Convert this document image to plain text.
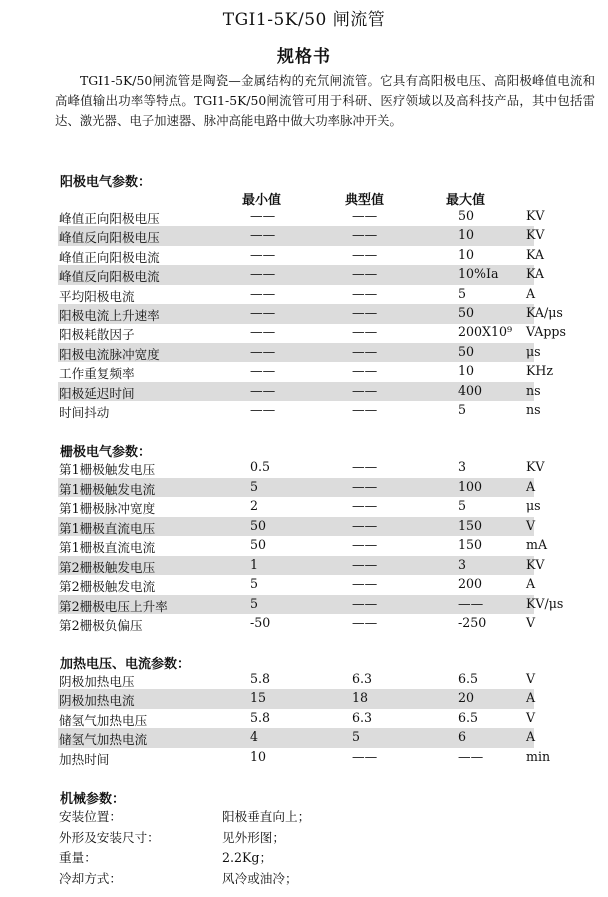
TGI1-5K/50 闸流管
规格书

TGI1-5K/50闸流管是陶瓷—金属结构的充氘闸流管。它具有高阳极电压、高阳极峰值电流和高峰值输出功率等特点。TGI1-5K/50闸流管可用于科研、医疗领域以及高科技产品，其中包括雷达、激光器、电子加速器、脉冲高能电路中做大功率脉冲开关。

阳极电气参数：
最小值	典型值	最大值
峰值正向阳极电压	——	——	50	KV
峰值反向阳极电压	——	——	10	KV
峰值正向阳极电流	——	——	10	KA
峰值反向阳极电流	——	——	10%Ia KA
平均阳极电流	——	——	5	A
阳极电流上升速率	——	——	50	KA/μs
阳极耗散因子	——	——	200X10⁹ VApps
阳极电流脉冲宽度	——	——	50	μs
工作重复频率	——	——	10	KHz
阳极延迟时间	——	——	400	ns
时间抖动	——	——	5	ns
栅极电气参数：
第1栅极触发电压	0.5	——	3	KV
第1栅极触发电流	5	——	100	A
第1栅极脉冲宽度	2	——	5	μs
第1栅极直流电压	50	——	150	V
第1栅极直流电流	50	——	150	mA
第2栅极触发电压	1	——	3	KV
第2栅极触发电流	5	——	200	A
第2栅极电压上升率	5	——	——	KV/μs
第2栅极负偏压	-50	——	-250	V
加热电压、电流参数：
阴极加热电压	5.8	6.3	6.5	V
阴极加热电流	15	18	20	A
储氢气加热电压	5.8	6.3	6.5	V
储氢气加热电流	4	5	6	A
加热时间	10	——	——	min
机械参数：
安装位置：	阳极垂直向上；
外形及安装尺寸：	见外形图；
重量：	2.2Kg；
冷却方式：	风冷或油冷；
